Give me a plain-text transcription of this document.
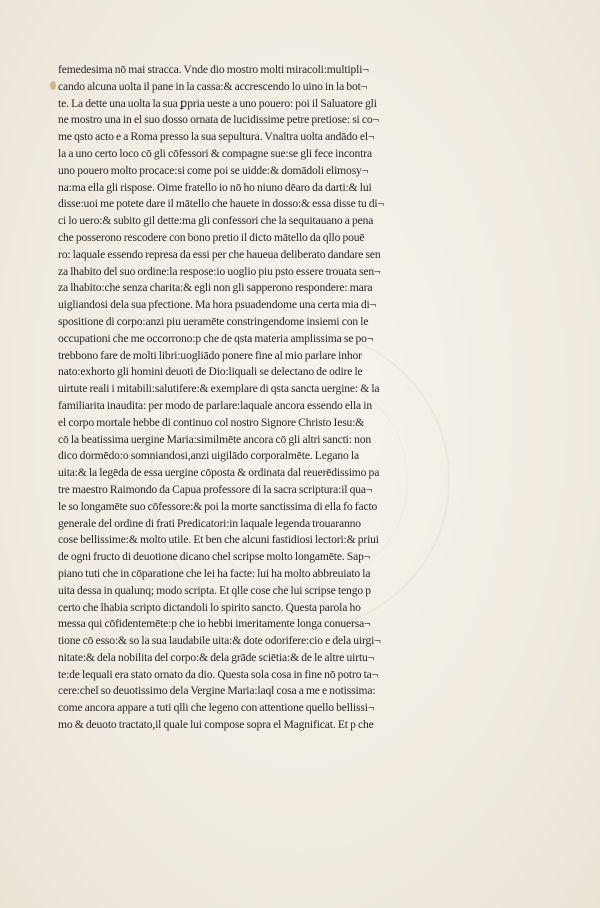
femedesima nō mai stracca. Vnde dio mostro molti miracoli:multipli¬
cando alcuna uolta il pane in la cassa:& accrescendo lo uino in la bot¬
te. La dette una uolta la sua ꝑpria ueste a uno pouero: poi il Saluatore gli
ne mostro una in el suo dosso ornata de lucidissime petre pretiose: si co¬
me qsto acto e a Roma presso la sua sepultura. Vnaltra uolta andādo el¬
la a uno certo loco cō gli cōfessori & compagne sue:se gli fece incontra
uno pouero molto procace:si come poi se uidde:& domādoli elimosy¬
na:ma ella gli rispose. Oime fratello io nō ho niuno dēaro da darti:& lui
disse:uoi me potete dare il mātello che hauete in dosso:& essa disse tu di¬
ci lo uero:& subito gil dette:ma gli confessori che la sequitauano a pena
che posserono rescodere con bono pretio il dicto mātello da qllo pouē
ro: laquale essendo represa da essi per che haueua deliberato dandare sen
za lhabito del suo ordine:la respose:io uoglio piu psto essere trouata sen¬
za lhabito:che senza charita:& egli non gli sapperono respondere: mara
uigliandosi dela sua pfectione. Ma hora psuadendome una certa mia di¬
spositione di corpo:anzi piu ueramēte constringendome insiemi con le
occupationi che me occorrono:p che de qsta materia amplissima se po¬
trebbono fare de molti libri:uogliādo ponere fine al mio parlare inhor
nato:exhorto gli homini deuoti de Dio:liquali se delectano de odire le
uirtute reali i mitabili:salutifere:& exemplare di qsta sancta uergine: & la
familiarita inaudita: per modo de parlare:laquale ancora essendo ella in
el corpo mortale hebbe di continuo col nostro Signore Christo Iesu:&
cō la beatissima uergine Maria:similmēte ancora cō gli altri sancti: non
dico dormēdo:o somniandosi,anzi uigilādo corporalmēte. Legano la
uita:& la legēda de essa uergine cōposta & ordinata dal reuerēdissimo pa
tre maestro Raimondo da Capua professore di la sacra scriptura:il qua¬
le so longamēte suo cōfessore:& poi la morte sanctissima di ella fo facto
generale del ordine di frati Predicatori:in laquale legenda trouaranno
cose bellissime:& molto utile. Et ben che alcuni fastidiosi lectori:& priui
de ogni fructo di deuotione dicano chel scripse molto longamēte. Sap¬
piano tuti che in cōparatione che lei ha facte: lui ha molto abbreuiato la
uita dessa in qualunq; modo scripta. Et qlle cose che lui scripse tengo p
certo che lhabia scripto dictandoli lo spirito sancto. Questa parola ho
messa qui cōfidentemēte:p che io hebbi imeritamente longa conuersa¬
tione cō esso:& so la sua laudabile uita:& dote odorifere:cio e dela uirgi¬
nitate:& dela nobilita del corpo:& dela grāde sciētia:& de le altre uirtu¬
te:de lequali era stato ornato da dio. Questa sola cosa in fine nō potro ta¬
cere:chel so deuotissimo dela Vergine Maria:laql cosa a me e notissima:
come ancora appare a tuti qlli che legeno con attentione quello bellissi¬
mo & deuoto tractato,il quale lui compose sopra el Magnificat. Et p che
